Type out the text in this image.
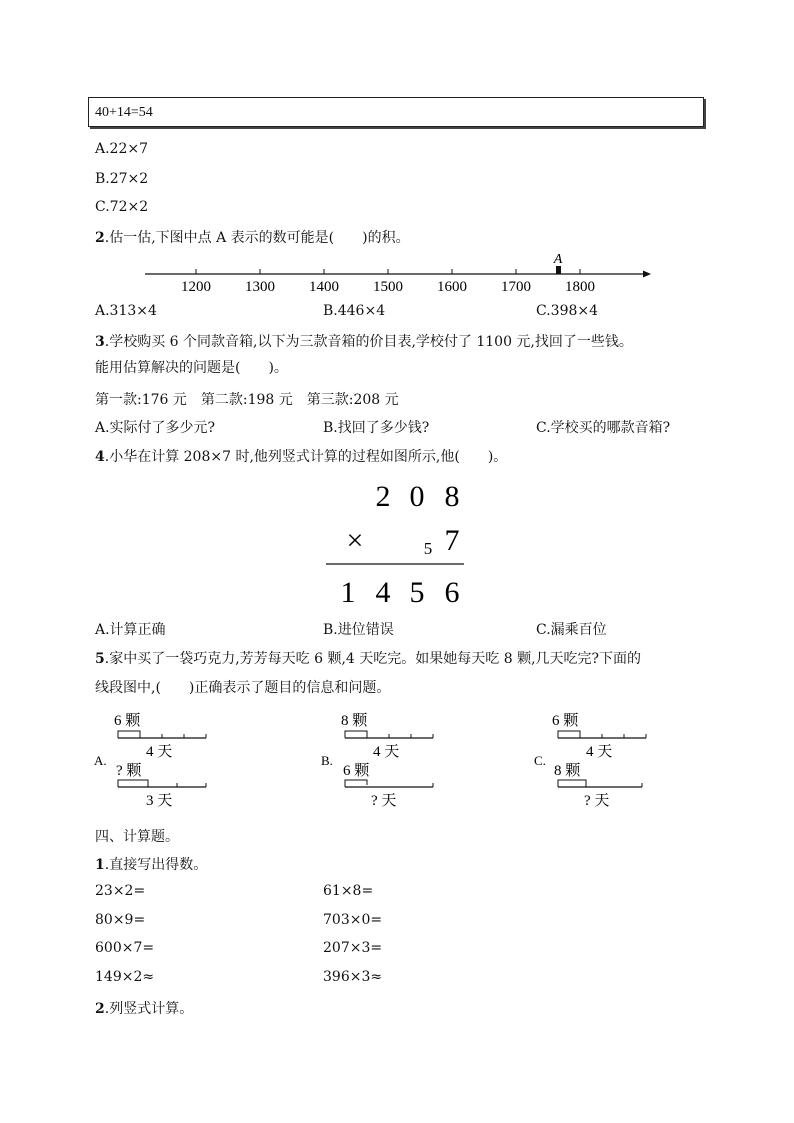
40+14=54
A.22×7
B.27×2
C.72×2
2.估一估,下图中点 A 表示的数可能是(　　)的积。
1200 1300 1400 1500 1600 1700 1800
A
A.313×4	B.446×4	C.398×4
3.学校购买 6 个同款音箱,以下为三款音箱的价目表,学校付了 1100 元,找回了一些钱。
能用估算解决的问题是(　　)。
第一款:176 元　第二款:198 元　第三款:208 元
A.实际付了多少元?	B.找回了多少钱?	C.学校买的哪款音箱?
4.小华在计算 208×7 时,他列竖式计算的过程如图所示,他(　　)。
2 0 8
×	5 7
1 4 5 6
A.计算正确	B.进位错误	C.漏乘百位
5.家中买了一袋巧克力,芳芳每天吃 6 颗,4 天吃完。如果她每天吃 8 颗,几天吃完?下面的
线段图中,(　　)正确表示了题目的信息和问题。
A.
6 颗
4 天
? 颗
3 天
B.
8 颗
4 天
6 颗
? 天
C.
6 颗
4 天
8 颗
? 天
四、计算题。
1.直接写出得数。
23×2=	61×8=
80×9=	703×0=
600×7=	207×3=
149×2≈	396×3≈
2.列竖式计算。
